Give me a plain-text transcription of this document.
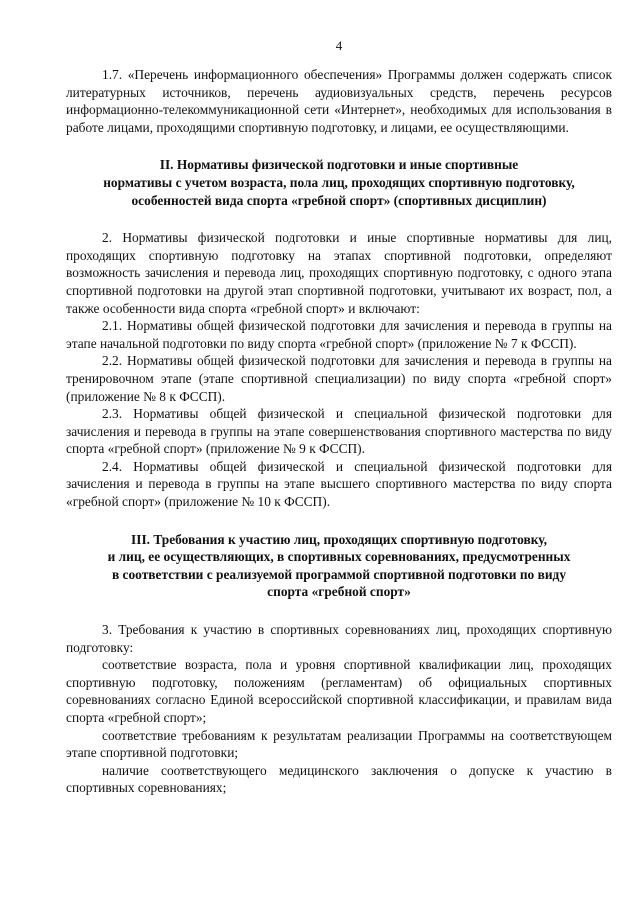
4

1.7. «Перечень информационного обеспечения» Программы должен содержать список литературных источников, перечень аудиовизуальных средств, перечень ресурсов информационно-телекоммуникационной сети «Интернет», необходимых для использования в работе лицами, проходящими спортивную подготовку, и лицами, ее осуществляющими.

II. Нормативы физической подготовки и иные спортивные
нормативы с учетом возраста, пола лиц, проходящих спортивную подготовку,
особенностей вида спорта «гребной спорт» (спортивных дисциплин)

2. Нормативы физической подготовки и иные спортивные нормативы для лиц, проходящих спортивную подготовку на этапах спортивной подготовки, определяют возможность зачисления и перевода лиц, проходящих спортивную подготовку, с одного этапа спортивной подготовки на другой этап спортивной подготовки, учитывают их возраст, пол, а также особенности вида спорта «гребной спорт» и включают:

2.1. Нормативы общей физической подготовки для зачисления и перевода в группы на этапе начальной подготовки по виду спорта «гребной спорт» (приложение № 7 к ФССП).

2.2. Нормативы общей физической подготовки для зачисления и перевода в группы на тренировочном этапе (этапе спортивной специализации) по виду спорта «гребной спорт» (приложение № 8 к ФССП).

2.3. Нормативы общей физической и специальной физической подготовки для зачисления и перевода в группы на этапе совершенствования спортивного мастерства по виду спорта «гребной спорт» (приложение № 9 к ФССП).

2.4. Нормативы общей физической и специальной физической подготовки для зачисления и перевода в группы на этапе высшего спортивного мастерства по виду спорта «гребной спорт» (приложение № 10 к ФССП).

III. Требования к участию лиц, проходящих спортивную подготовку,
и лиц, ее осуществляющих, в спортивных соревнованиях, предусмотренных
в соответствии с реализуемой программой спортивной подготовки по виду
спорта «гребной спорт»

3. Требования к участию в спортивных соревнованиях лиц, проходящих спортивную подготовку:

соответствие возраста, пола и уровня спортивной квалификации лиц, проходящих спортивную подготовку, положениям (регламентам) об официальных спортивных соревнованиях согласно Единой всероссийской спортивной классификации, и правилам вида спорта «гребной спорт»;

соответствие требованиям к результатам реализации Программы на соответствующем этапе спортивной подготовки;

наличие соответствующего медицинского заключения о допуске к участию в спортивных соревнованиях;
